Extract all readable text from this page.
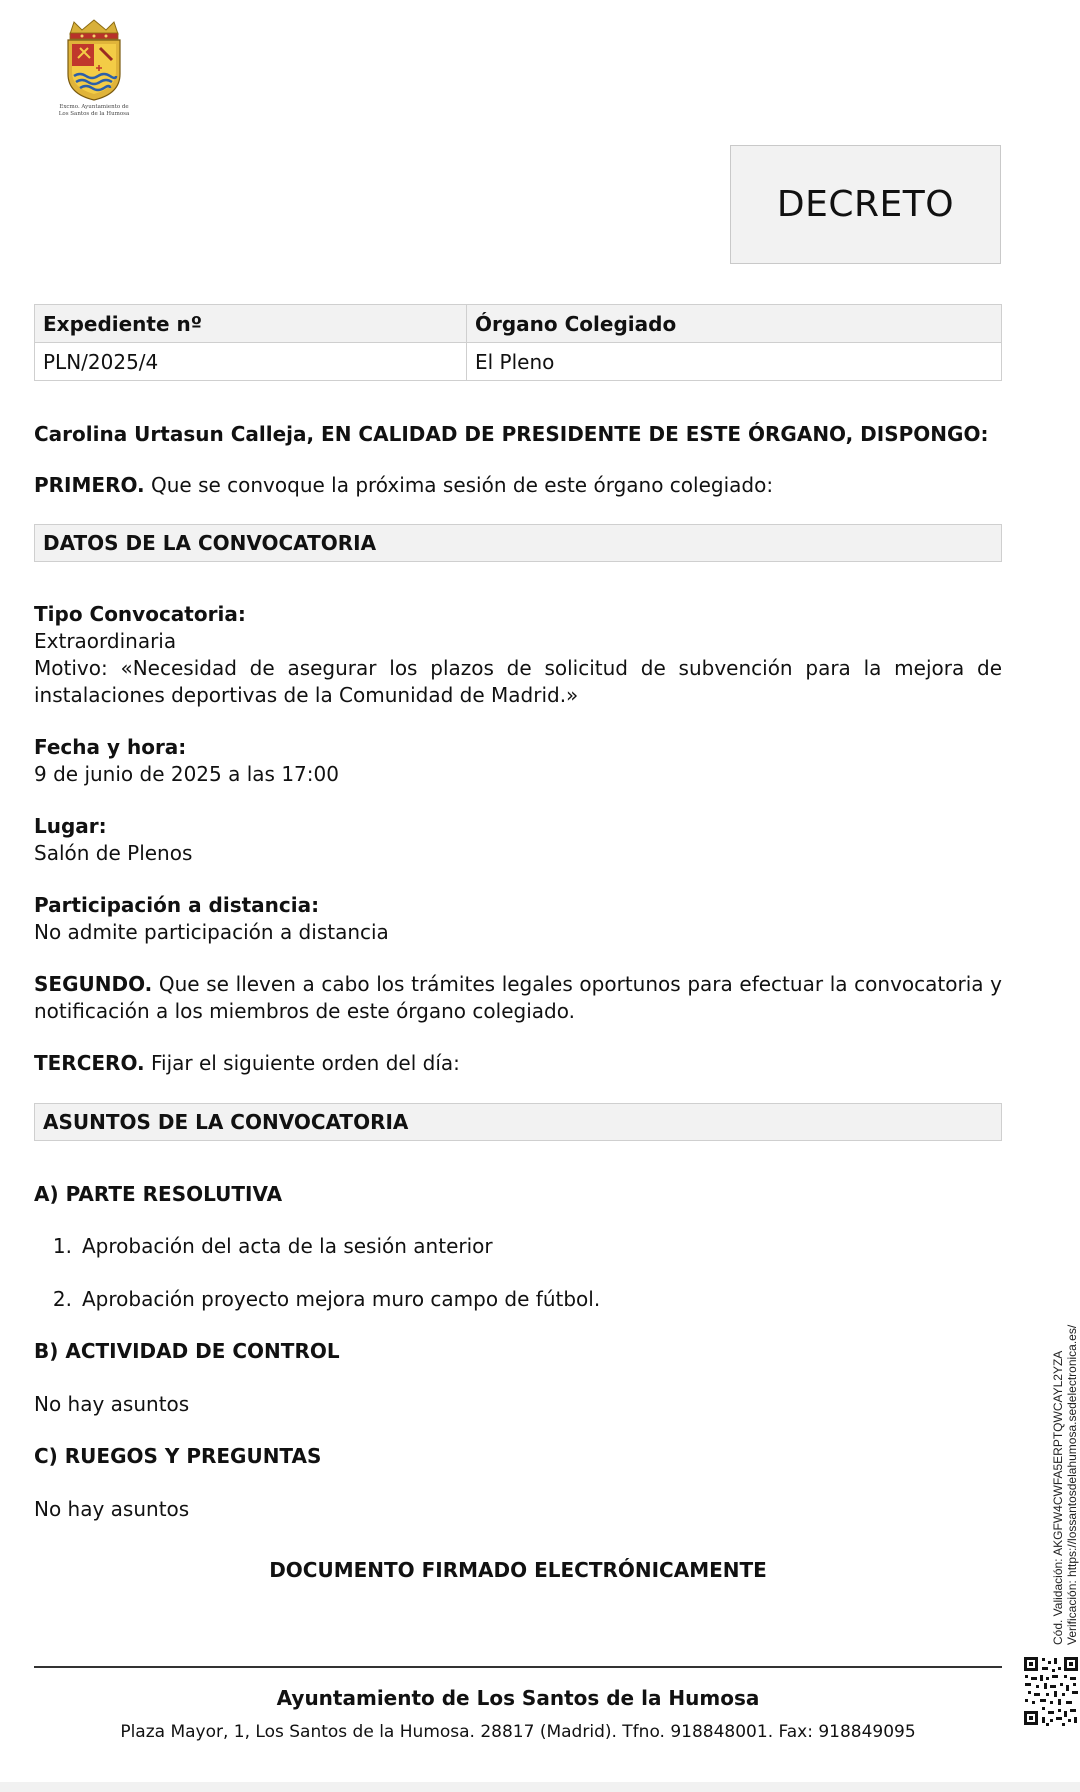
Excmo. Ayuntamiento de Los Santos de la Humosa
DECRETO
Expediente nº	Órgano Colegiado
PLN/2025/4	El Pleno
Carolina Urtasun Calleja, EN CALIDAD DE PRESIDENTE DE ESTE ÓRGANO, DISPONGO:
PRIMERO. Que se convoque la próxima sesión de este órgano colegiado:
DATOS DE LA CONVOCATORIA
Tipo Convocatoria:
Extraordinaria
Motivo: «Necesidad de asegurar los plazos de solicitud de subvención para la mejora de instalaciones deportivas de la Comunidad de Madrid.»
Fecha y hora:
9 de junio de 2025 a las 17:00
Lugar:
Salón de Plenos
Participación a distancia:
No admite participación a distancia
SEGUNDO. Que se lleven a cabo los trámites legales oportunos para efectuar la convocatoria y notificación a los miembros de este órgano colegiado.
TERCERO. Fijar el siguiente orden del día:
ASUNTOS DE LA CONVOCATORIA
A) PARTE RESOLUTIVA
1. Aprobación del acta de la sesión anterior
2. Aprobación proyecto mejora muro campo de fútbol.
B) ACTIVIDAD DE CONTROL
No hay asuntos
C) RUEGOS Y PREGUNTAS
No hay asuntos
DOCUMENTO FIRMADO ELECTRÓNICAMENTE
Ayuntamiento de Los Santos de la Humosa
Plaza Mayor, 1, Los Santos de la Humosa. 28817 (Madrid). Tfno. 918848001. Fax: 918849095
Cód. Validación: AKGFW4CWFA5ERPTQWCAYL2YZA Verificación: https://lossantosdelahumosa.sedelectronica.es/
